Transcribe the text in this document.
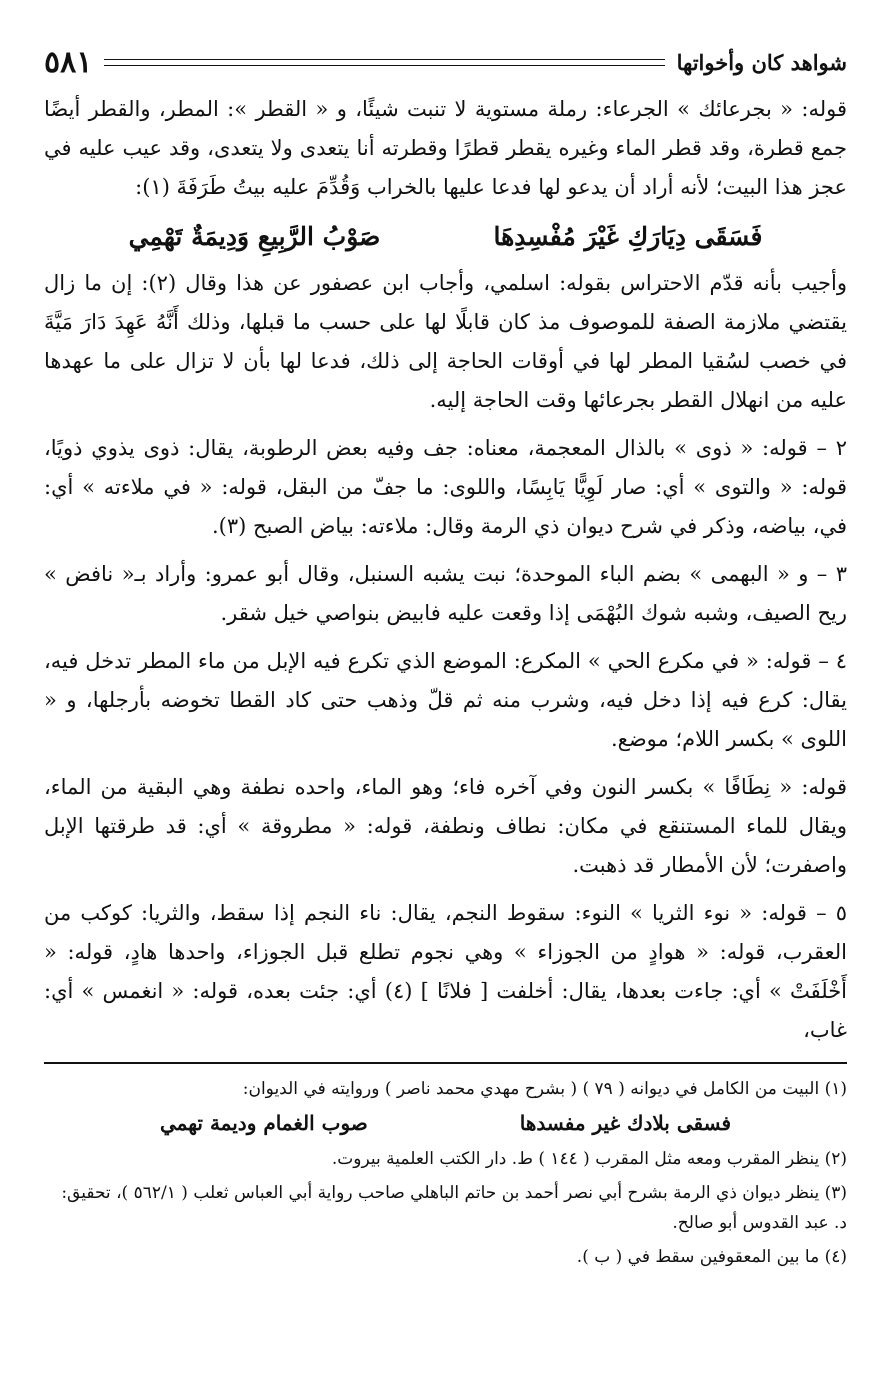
شواهد كان وأخواتها
٥٨١

قوله: « بجرعائك » الجرعاء: رملة مستوية لا تنبت شيئًا، و « القطر »: المطر، والقطر أيضًا جمع قطرة، وقد قطر الماء وغيره يقطر قطرًا وقطرته أنا يتعدى ولا يتعدى، وقد عيب عليه في عجز هذا البيت؛ لأنه أراد أن يدعو لها فدعا عليها بالخراب وَقُدِّمَ عليه بيتُ طَرَفَةَ (١):

فَسَقَى دِيَارَكِ غَيْرَ مُفْسِدِهَا
صَوْبُ الرَّبِيعِ وَدِيمَةٌ تَهْمِي

وأجيب بأنه قدّم الاحتراس بقوله: اسلمي، وأجاب ابن عصفور عن هذا وقال (٢): إن ما زال يقتضي ملازمة الصفة للموصوف مذ كان قابلًا لها على حسب ما قبلها، وذلك أَنَّهُ عَهِدَ دَارَ مَيَّةَ في خصب لسُقيا المطر لها في أوقات الحاجة إلى ذلك، فدعا لها بأن لا تزال على ما عهدها عليه من انهلال القطر بجرعائها وقت الحاجة إليه.

٢ – قوله: « ذوى » بالذال المعجمة، معناه: جف وفيه بعض الرطوبة، يقال: ذوى يذوي ذويًا، قوله: « والتوى » أي: صار لَوِيًّا يَابِسًا، واللوى: ما جفّ من البقل، قوله: « في ملاءته » أي: في، بياضه، وذكر في شرح ديوان ذي الرمة وقال: ملاءته: بياض الصبح (٣).

٣ – و « البهمى » بضم الباء الموحدة؛ نبت يشبه السنبل، وقال أبو عمرو: وأراد بـ« نافض » ريح الصيف، وشبه شوك البُهْمَى إذا وقعت عليه فابيض بنواصي خيل شقر.

٤ – قوله: « في مكرع الحي » المكرع: الموضع الذي تكرع فيه الإبل من ماء المطر تدخل فيه، يقال: كرع فيه إذا دخل فيه، وشرب منه ثم قلّ وذهب حتى كاد القطا تخوضه بأرجلها، و « اللوى » بكسر اللام؛ موضع.

قوله: « نِطَافًا » بكسر النون وفي آخره فاء؛ وهو الماء، واحده نطفة وهي البقية من الماء، ويقال للماء المستنقع في مكان: نطاف ونطفة، قوله: « مطروقة » أي: قد طرقتها الإبل واصفرت؛ لأن الأمطار قد ذهبت.

٥ – قوله: « نوء الثريا » النوء: سقوط النجم، يقال: ناء النجم إذا سقط، والثريا: كوكب من العقرب، قوله: « هوادٍ من الجوزاء » وهي نجوم تطلع قبل الجوزاء، واحدها هادٍ، قوله: « أَخْلَفَتْ » أي: جاءت بعدها، يقال: أخلفت [ فلانًا ] (٤) أي: جئت بعده، قوله: « انغمس » أي: غاب،

(١) البيت من الكامل في ديوانه ( ٧٩ ) ( بشرح مهدي محمد ناصر ) وروايته في الديوان:

فسقى بلادك غير مفسدها
صوب الغمام وديمة تهمي

(٢) ينظر المقرب ومعه مثل المقرب ( ١٤٤ ) ط. دار الكتب العلمية بيروت.

(٣) ينظر ديوان ذي الرمة بشرح أبي نصر أحمد بن حاتم الباهلي صاحب رواية أبي العباس ثعلب ( ٥٦٢/١ )، تحقيق: د. عبد القدوس أبو صالح.

(٤) ما بين المعقوفين سقط في ( ب ).
